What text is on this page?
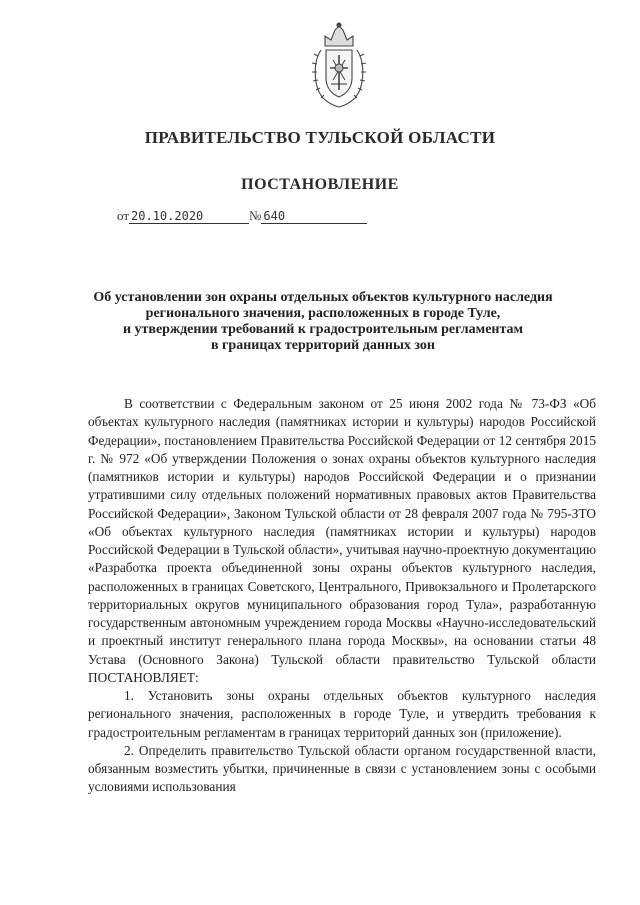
ПРАВИТЕЛЬСТВО ТУЛЬСКОЙ ОБЛАСТИ
ПОСТАНОВЛЕНИЕ
от 20.10.2020	№ 640
Об установлении зон охраны отдельных объектов культурного наследия
регионального значения, расположенных в городе Туле,
и утверждении требований к градостроительным регламентам
в границах территорий данных зон

В соответствии с Федеральным законом от 25 июня 2002 года № 73-ФЗ «Об объектах культурного наследия (памятниках истории и культуры) народов Российской Федерации», постановлением Правительства Российской Федерации от 12 сентября 2015 г. № 972 «Об утверждении Положения о зонах охраны объектов культурного наследия (памятников истории и культуры) народов Российской Федерации и о признании утратившими силу отдельных положений нормативных правовых актов Правительства Российской Федерации», Законом Тульской области от 28 февраля 2007 года № 795-ЗТО «Об объектах культурного наследия (памятниках истории и культуры) народов Российской Федерации в Тульской области», учитывая научно-проектную документацию «Разработка проекта объединенной зоны охраны объектов культурного наследия, расположенных в границах Советского, Центрального, Привокзального и Пролетарского территориальных округов муниципального образования город Тула», разработанную государственным автономным учреждением города Москвы «Научно-исследовательский и проектный институт генерального плана города Москвы», на основании статьи 48 Устава (Основного Закона) Тульской области правительство Тульской области ПОСТАНОВЛЯЕТ:

1. Установить зоны охраны отдельных объектов культурного наследия регионального значения, расположенных в городе Туле, и утвердить требования к градостроительным регламентам в границах территорий данных зон (приложение).

2. Определить правительство Тульской области органом государственной власти, обязанным возместить убытки, причиненные в связи с установлением зоны с особыми условиями использования
